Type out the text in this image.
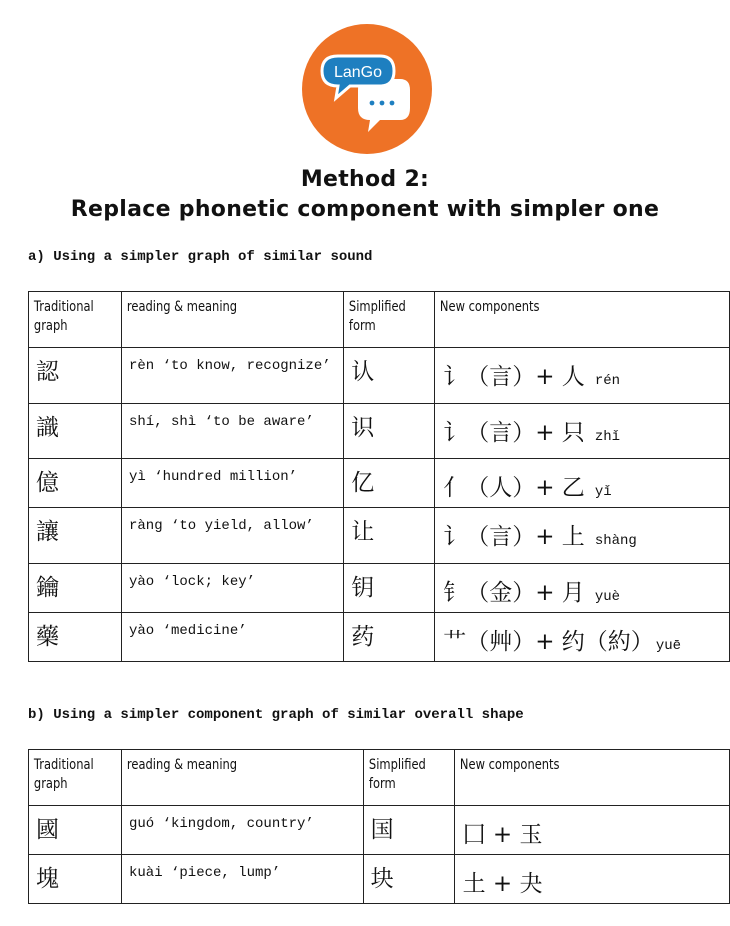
LanGo
Method 2:
Replace phonetic component with simpler one
a) Using a simpler graph of similar sound
Traditional graph	reading & meaning	Simplified form	New components

認	rèn ‘to know, recognize’	认	讠（言）+ 人 rén

識	shí, shì ‘to be aware’	识	讠（言）+ 只 zhǐ

億	yì ‘hundred million’	亿	亻（人）+ 乙 yǐ

讓	ràng ‘to yield, allow’	让	讠（言）+ 上 shàng

鑰	yào ‘lock; key’	钥	钅（金）+ 月 yuè

藥	yào ‘medicine’	药	艹（艸）+ 约（約） yuē
b) Using a simpler component graph of similar overall shape
Traditional graph	reading & meaning	Simplified form	New components

國	guó ‘kingdom, country’	国	囗 + 玉

塊	kuài ‘piece, lump’	块	土 + 夬
